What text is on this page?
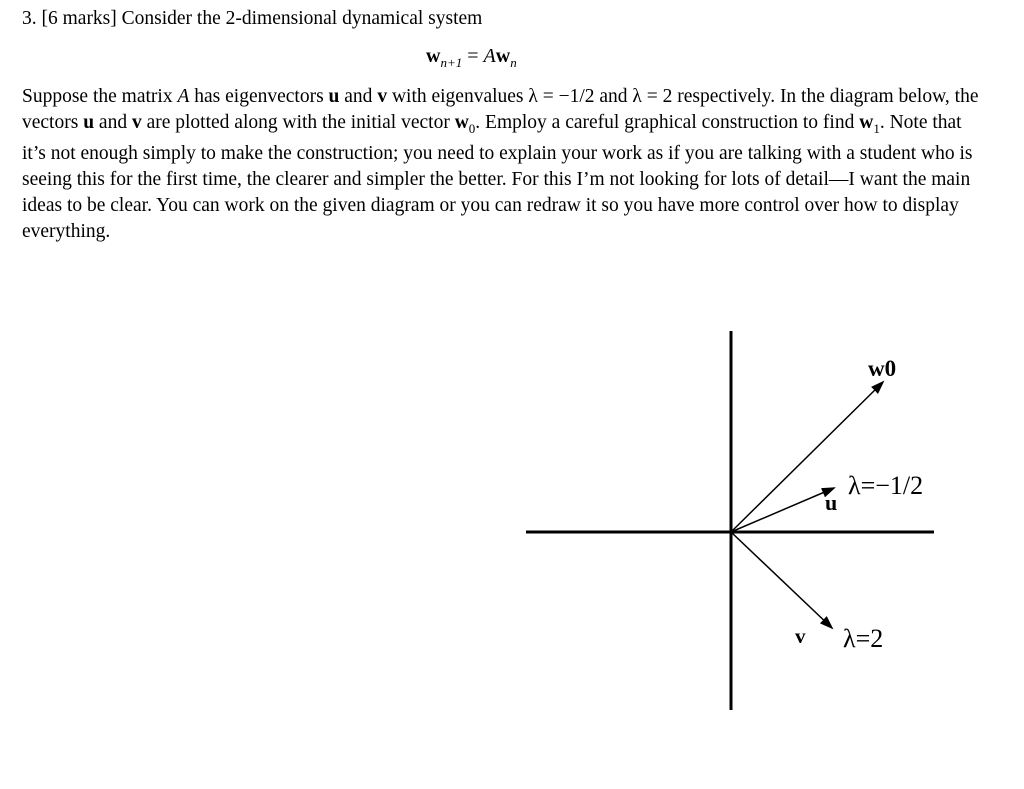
3. [6 marks] Consider the 2-dimensional dynamical system
$w_{n+1} = Aw_n$

Suppose the matrix A has eigenvectors u and v with eigenvalues λ = −1/2 and λ = 2 respectively. In the diagram below, the vectors u and v are plotted along with the initial vector $w_0$. Employ a careful graphical construction to find $w_1$. Note that it’s not enough simply to make the construction; you need to explain your work as if you are talking with a student who is seeing this for the first time, the clearer and simpler the better. For this I’m not looking for lots of detail—I want the main ideas to be clear. You can work on the given diagram or you can redraw it so you have more control over how to display everything.

w0
u
v
λ=−1/2
λ=2
